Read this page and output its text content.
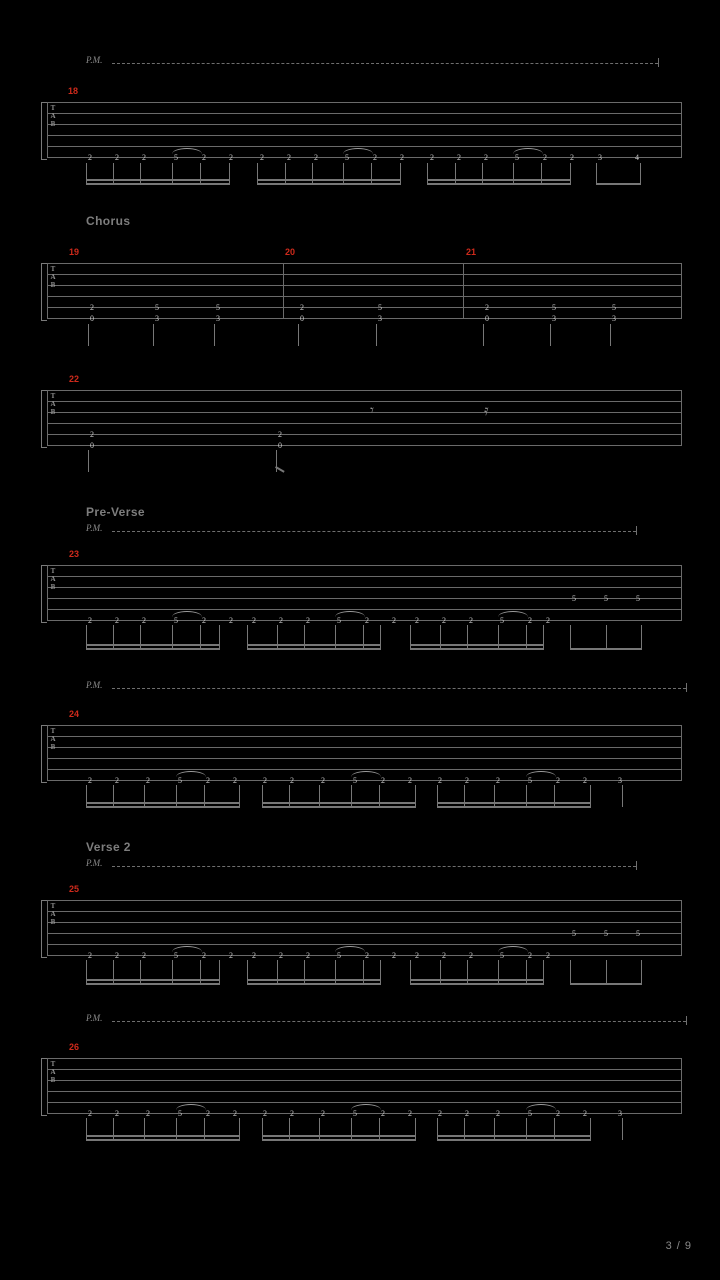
P.M.
18
T
A
B
2	2	2	5	2	2	2	2	2	5	2	2	2	2	2	5	2	2	3	4
Chorus
19	20	21
T
A
B
2
0
5
3
5
3
2
0
5
3
2
0
5
3
5
3
22
T
A
B
2
0
2
0
𝄾	𝄿
Pre-Verse
P.M.
23
T
A
B
2	2	2	5	2	2 2	2	2	5	2	2 2	2	2	5	2 2
5	5	5
P.M.
24
T
A
B
2	2	2	5	2	2	2	2	2	5	2	2	2	2	2	5	2	2	3
Verse 2
P.M.
25
T
A
B
2	2	2	5	2	2 2	2	2	5	2	2 2	2	2	5	2 2
5	5	5
P.M.
26
T
A
B
2	2	2	5	2	2	2	2	2	5	2	2	2	2	2	5	2	2	3
3 / 9
